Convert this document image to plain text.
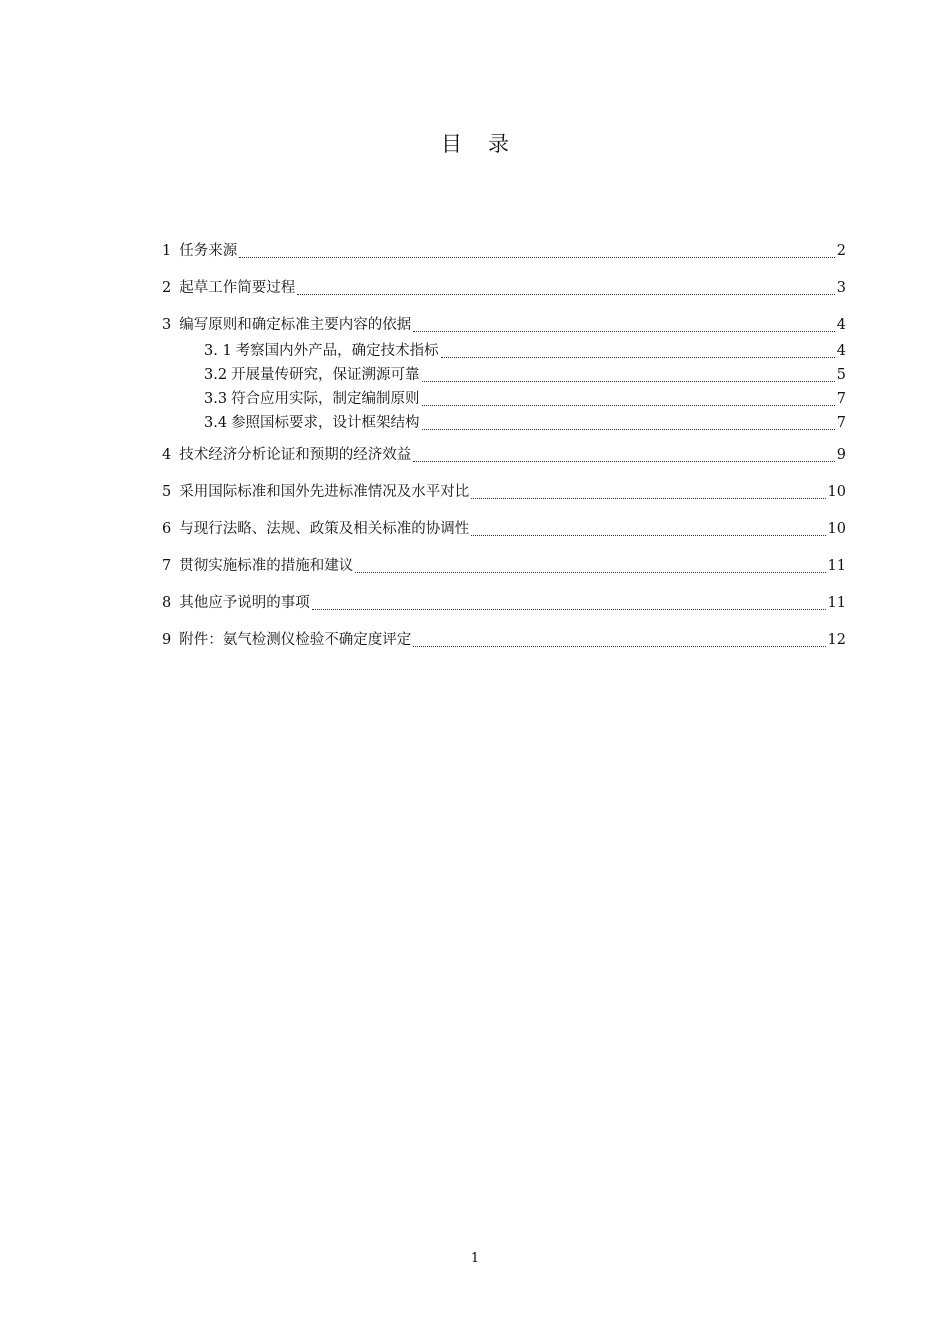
目录
1 任务来源	2
2 起草工作简要过程	3
3 编写原则和确定标准主要内容的依据	4
3. 1 考察国内外产品，确定技术指标	4
3.2 开展量传研究，保证溯源可靠	5
3.3 符合应用实际，制定编制原则	7
3.4 参照国标要求，设计框架结构	7
4 技术经济分析论证和预期的经济效益	9
5 采用国际标准和国外先进标准情况及水平对比	10
6 与现行法略、法规、政策及相关标准的协调性	10
7 贯彻实施标准的措施和建议	11
8 其他应予说明的事项	11
9 附件：氨气检测仪检验不确定度评定	12
1
